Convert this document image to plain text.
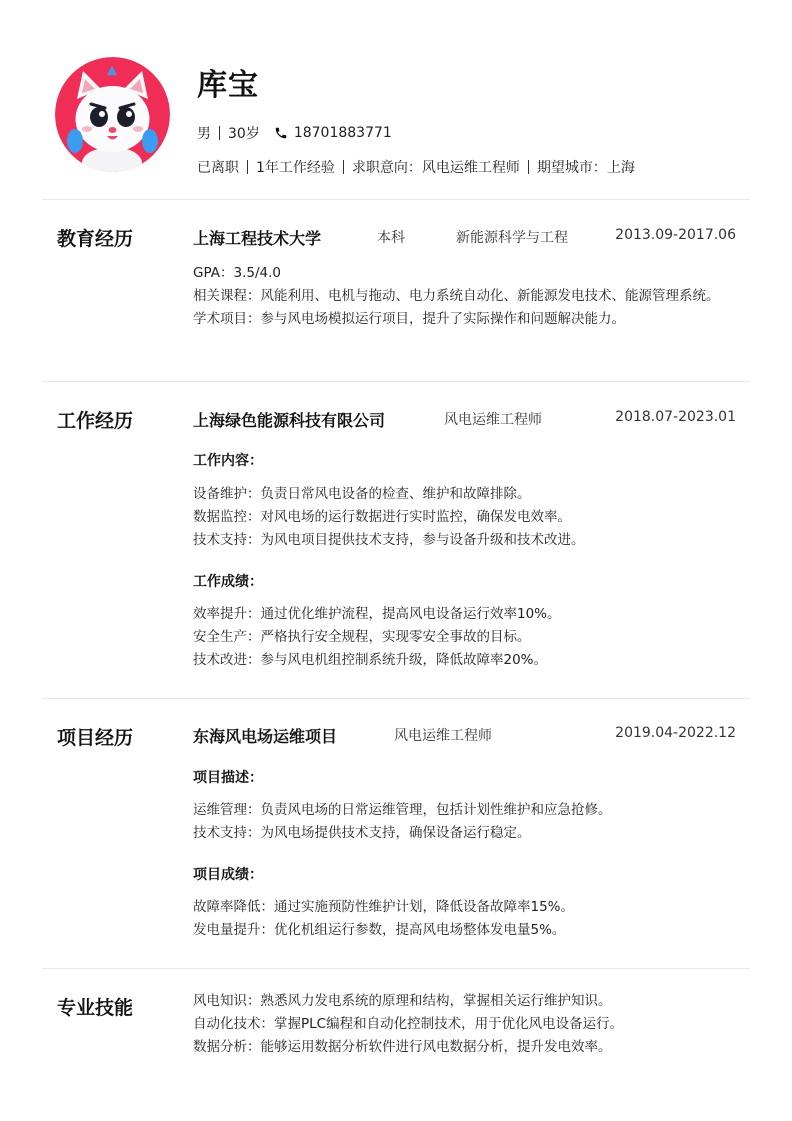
库宝
男 30岁 18701883771
已离职 1年工作经验 求职意向：风电运维工程师 期望城市：上海
教育经历	上海工程技术大学	本科	新能源科学与工程	2013.09-2017.06
GPA：3.5/4.0
相关课程：风能利用、电机与拖动、电力系统自动化、新能源发电技术、能源管理系统。
学术项目：参与风电场模拟运行项目，提升了实际操作和问题解决能力。
工作经历	上海绿色能源科技有限公司	风电运维工程师	2018.07-2023.01
工作内容：
设备维护：负责日常风电设备的检查、维护和故障排除。
数据监控：对风电场的运行数据进行实时监控，确保发电效率。
技术支持：为风电项目提供技术支持，参与设备升级和技术改进。
工作成绩：
效率提升：通过优化维护流程，提高风电设备运行效率10%。
安全生产：严格执行安全规程，实现零安全事故的目标。
技术改进：参与风电机组控制系统升级，降低故障率20%。
项目经历	东海风电场运维项目	风电运维工程师	2019.04-2022.12
项目描述：
运维管理：负责风电场的日常运维管理，包括计划性维护和应急抢修。
技术支持：为风电场提供技术支持，确保设备运行稳定。
项目成绩：
故障率降低：通过实施预防性维护计划，降低设备故障率15%。
发电量提升：优化机组运行参数，提高风电场整体发电量5%。
专业技能	风电知识：熟悉风力发电系统的原理和结构，掌握相关运行维护知识。
自动化技术：掌握PLC编程和自动化控制技术，用于优化风电设备运行。
数据分析：能够运用数据分析软件进行风电数据分析，提升发电效率。
